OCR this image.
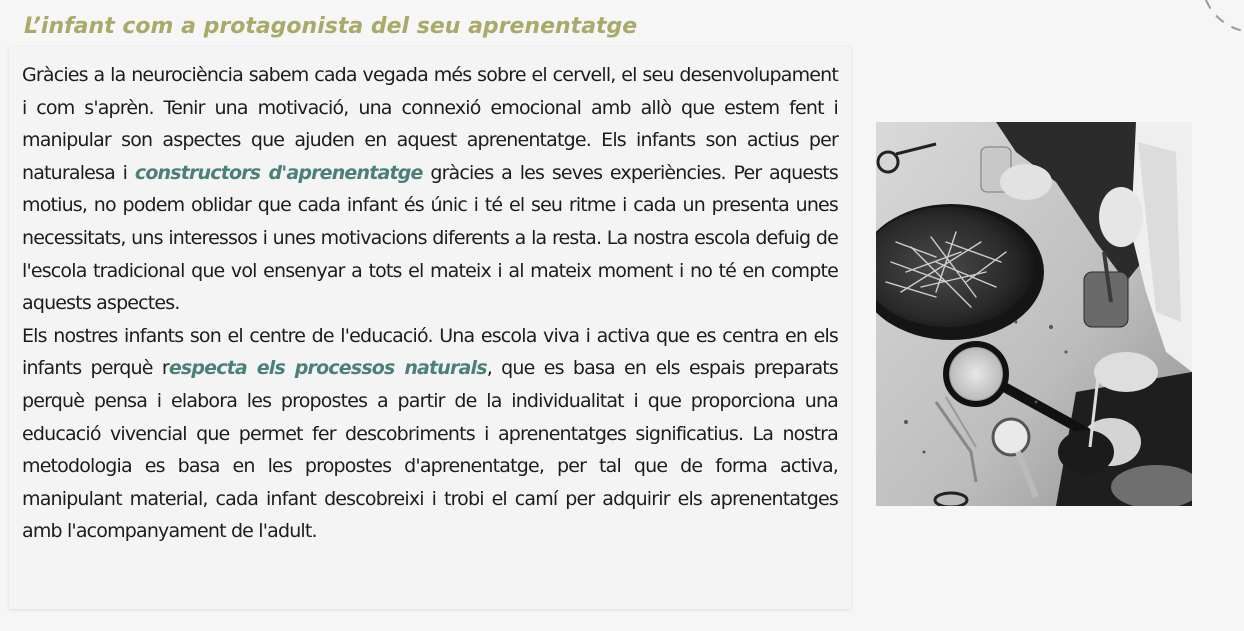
L’infant com a protagonista del seu aprenentatge

Gràcies a la neurociència sabem cada vegada més sobre el cervell, el seu desenvolupament i com s'aprèn. Tenir una motivació, una connexió emocional amb allò que estem fent i manipular son aspectes que ajuden en aquest aprenentatge. Els infants son actius per naturalesa i constructors d'aprenentatge gràcies a les seves experiències. Per aquests motius, no podem oblidar que cada infant és únic i té el seu ritme i cada un presenta unes necessitats, uns interessos i unes motivacions diferents a la resta. La nostra escola defuig de l'escola tradicional que vol ensenyar a tots el mateix i al mateix moment i no té en compte aquests aspectes.

Els nostres infants son el centre de l'educació. Una escola viva i activa que es centra en els infants perquè respecta els processos naturals, que es basa en els espais preparats perquè pensa i elabora les propostes a partir de la individualitat i que proporciona una educació vivencial que permet fer descobriments i aprenentatges significatius. La nostra metodologia es basa en les propostes d'aprenentatge, per tal que de forma activa, manipulant material, cada infant descobreixi i trobi el camí per adquirir els aprenentatges amb l'acompanyament de l'adult.
